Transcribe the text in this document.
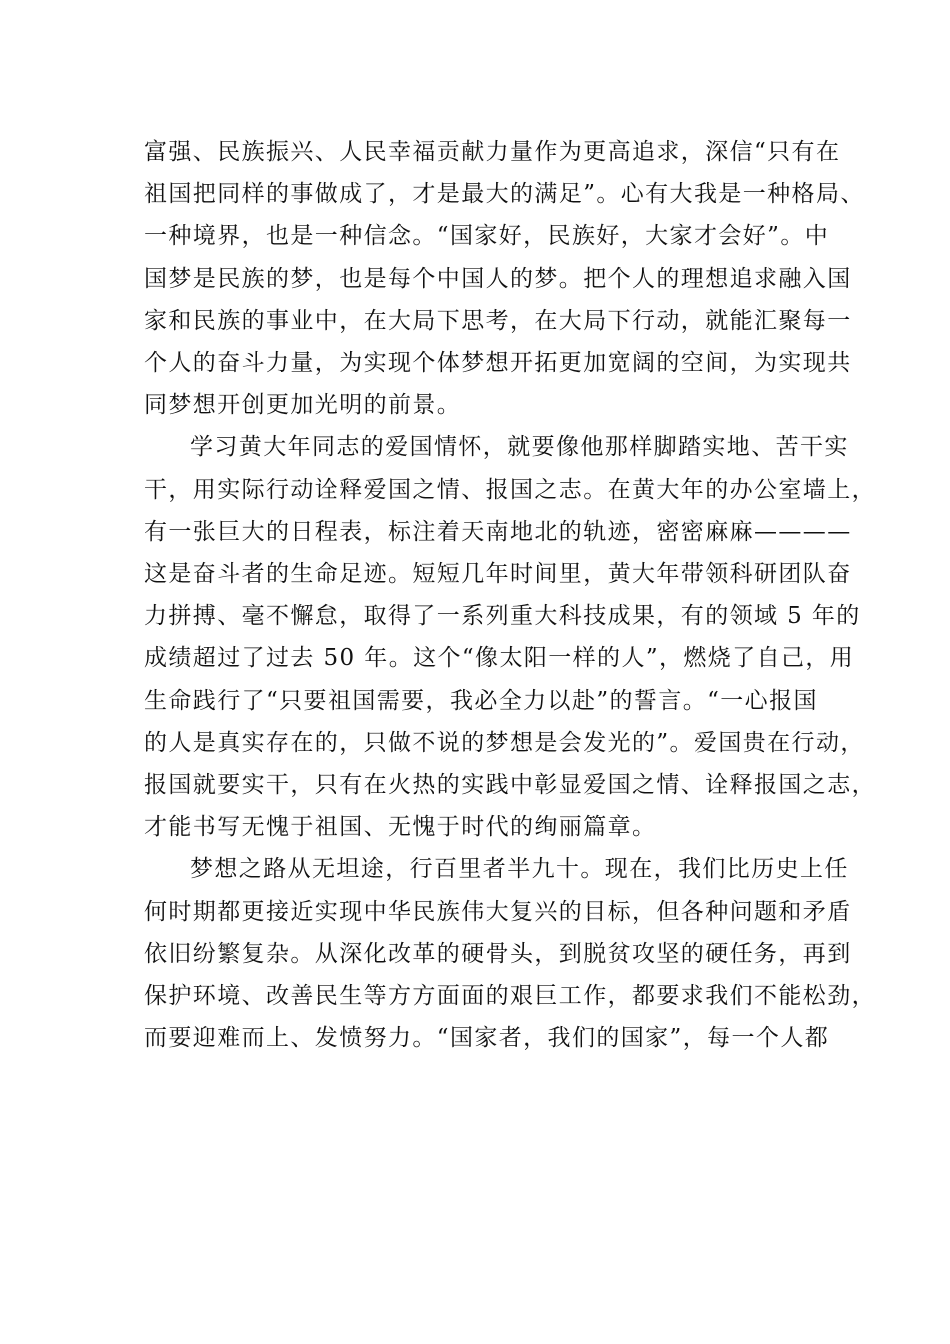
富强、民族振兴、人民幸福贡献力量作为更高追求，深信“只有在
祖国把同样的事做成了，才是最大的满足”。心有大我是一种格局、
一种境界，也是一种信念。“国家好，民族好，大家才会好”。中
国梦是民族的梦，也是每个中国人的梦。把个人的理想追求融入国
家和民族的事业中，在大局下思考，在大局下行动，就能汇聚每一
个人的奋斗力量，为实现个体梦想开拓更加宽阔的空间，为实现共
同梦想开创更加光明的前景。

学习黄大年同志的爱国情怀，就要像他那样脚踏实地、苦干实
干，用实际行动诠释爱国之情、报国之志。在黄大年的办公室墙上，
有一张巨大的日程表，标注着天南地北的轨迹，密密麻麻————
这是奋斗者的生命足迹。短短几年时间里，黄大年带领科研团队奋
力拼搏、毫不懈怠，取得了一系列重大科技成果，有的领域 5 年的
成绩超过了过去 50 年。这个“像太阳一样的人”，燃烧了自己，用
生命践行了“只要祖国需要，我必全力以赴”的誓言。“一心报国
的人是真实存在的，只做不说的梦想是会发光的”。爱国贵在行动，
报国就要实干，只有在火热的实践中彰显爱国之情、诠释报国之志，
才能书写无愧于祖国、无愧于时代的绚丽篇章。

梦想之路从无坦途，行百里者半九十。现在，我们比历史上任
何时期都更接近实现中华民族伟大复兴的目标，但各种问题和矛盾
依旧纷繁复杂。从深化改革的硬骨头，到脱贫攻坚的硬任务，再到
保护环境、改善民生等方方面面的艰巨工作，都要求我们不能松劲，
而要迎难而上、发愤努力。“国家者，我们的国家”，每一个人都
